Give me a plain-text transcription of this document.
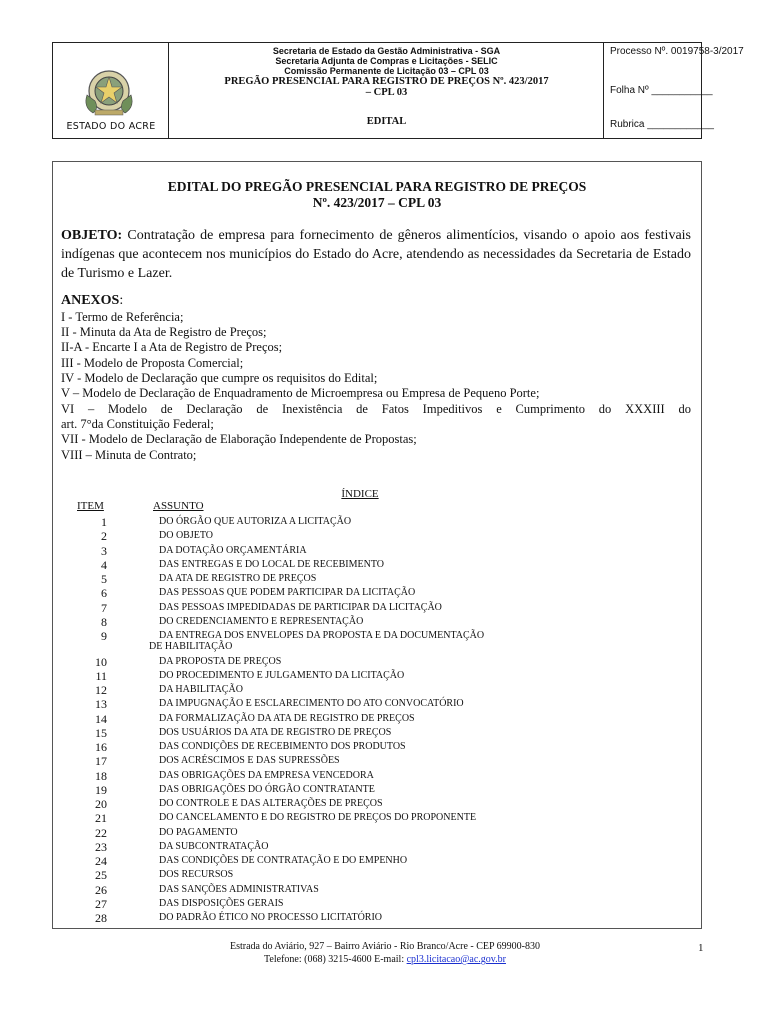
ESTADO DO ACRE
Secretaria de Estado da Gestão Administrativa - SGA
Secretaria Adjunta de Compras e Licitações - SELIC
Comissão Permanente de Licitação 03 – CPL 03
PREGÃO PRESENCIAL PARA REGISTRO DE PREÇOS Nº. 423/2017
– CPL 03
EDITAL
Processo Nº. 0019758-3/2017
Folha Nº ___________
Rubrica ____________
EDITAL DO PREGÃO PRESENCIAL PARA REGISTRO DE PREÇOS
Nº. 423/2017 – CPL 03
OBJETO: Contratação de empresa para fornecimento de gêneros alimentícios, visando o apoio aos festivais indígenas que acontecem nos municípios do Estado do Acre, atendendo as necessidades da Secretaria de Estado de Turismo e Lazer.
ANEXOS:
I - Termo de Referência;
II - Minuta da Ata de Registro de Preços;
II-A - Encarte I a Ata de Registro de Preços;
III - Modelo de Proposta Comercial;
IV - Modelo de Declaração que cumpre os requisitos do Edital;
V – Modelo de Declaração de Enquadramento de Microempresa ou Empresa de Pequeno Porte;
VI – Modelo de Declaração de Inexistência de Fatos Impeditivos e Cumprimento do XXXIII do
art. 7°da Constituição Federal;
VII - Modelo de Declaração de Elaboração Independente de Propostas;
VIII – Minuta de Contrato;
ÍNDICE
ITEM	ASSUNTO
1	DO ÓRGÃO QUE AUTORIZA A LICITAÇÃO
2	DO OBJETO
3	DA DOTAÇÃO ORÇAMENTÁRIA
4	DAS ENTREGAS E DO LOCAL DE RECEBIMENTO
5	DA ATA DE REGISTRO DE PREÇOS
6	DAS PESSOAS QUE PODEM PARTICIPAR DA LICITAÇÃO
7	DAS PESSOAS IMPEDIDADAS DE PARTICIPAR DA LICITAÇÃO
8	DO CREDENCIAMENTO E REPRESENTAÇÃO
9	DA ENTREGA DOS ENVELOPES DA PROPOSTA E DA DOCUMENTAÇÃO
DE HABILITAÇÃO
10	DA PROPOSTA DE PREÇOS
11	DO PROCEDIMENTO E JULGAMENTO DA LICITAÇÃO
12	DA HABILITAÇÃO
13	DA IMPUGNAÇÃO E ESCLARECIMENTO DO ATO CONVOCATÓRIO
14	DA FORMALIZAÇÃO DA ATA DE REGISTRO DE PREÇOS
15	DOS USUÁRIOS DA ATA DE REGISTRO DE PREÇOS
16	DAS CONDIÇÕES DE RECEBIMENTO DOS PRODUTOS
17	DOS ACRÉSCIMOS E DAS SUPRESSÕES
18	DAS OBRIGAÇÕES DA EMPRESA VENCEDORA
19	DAS OBRIGAÇÕES DO ÓRGÃO CONTRATANTE
20	DO CONTROLE E DAS ALTERAÇÕES DE PREÇOS
21	DO CANCELAMENTO E DO REGISTRO DE PREÇOS DO PROPONENTE
22	DO PAGAMENTO
23	DA SUBCONTRATAÇÃO
24	DAS CONDIÇÕES DE CONTRATAÇÃO E DO EMPENHO
25	DOS RECURSOS
26	DAS SANÇÕES ADMINISTRATIVAS
27	DAS DISPOSIÇÕES GERAIS
28	DO PADRÃO ÉTICO NO PROCESSO LICITATÓRIO
Estrada do Aviário, 927 – Bairro Aviário - Rio Branco/Acre - CEP 69900-830
Telefone: (068) 3215-4600 E-mail: cpl3.licitacao@ac.gov.br
1
